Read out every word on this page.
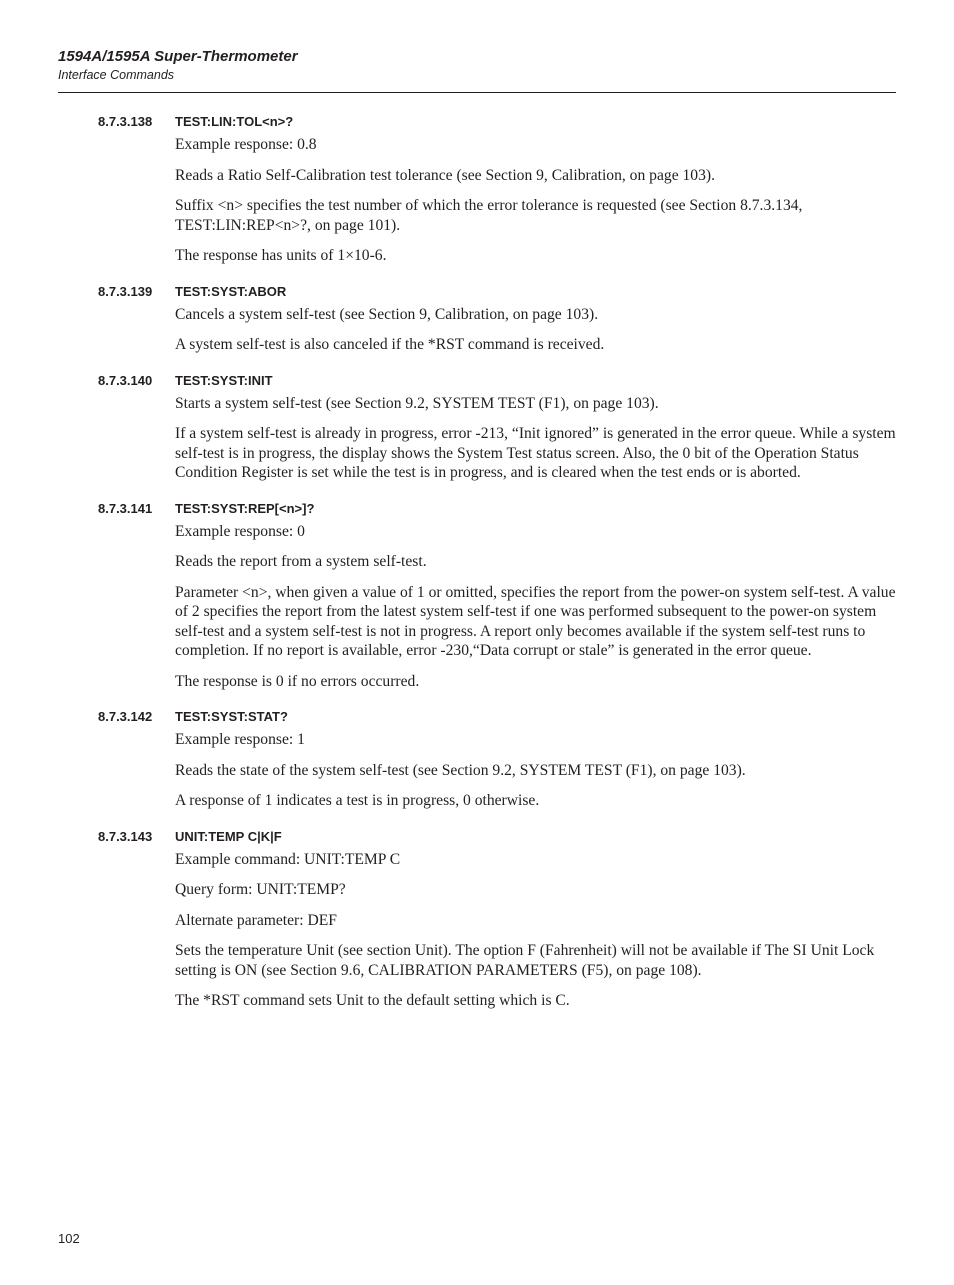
1594A/1595A Super-Thermometer
Interface Commands
8.7.3.138	TEST:LIN:TOL<n>?

Example response: 0.8

Reads a Ratio Self-Calibration test tolerance (see Section 9, Calibration, on page 103).

Suffix <n> specifies the test number of which the error tolerance is requested (see Section 8.7.3.134, TEST:LIN:REP<n>?, on page 101).

The response has units of 1×10-6.

8.7.3.139	TEST:SYST:ABOR

Cancels a system self-test (see Section 9, Calibration, on page 103).

A system self-test is also canceled if the *RST command is received.

8.7.3.140	TEST:SYST:INIT

Starts a system self-test (see Section 9.2, SYSTEM TEST (F1), on page 103).

If a system self-test is already in progress, error -213, “Init ignored” is generated in the error queue. While a system self-test is in progress, the display shows the System Test status screen. Also, the 0 bit of the Operation Status Condition Register is set while the test is in progress, and is cleared when the test ends or is aborted.

8.7.3.141	TEST:SYST:REP[<n>]?

Example response: 0

Reads the report from a system self-test.

Parameter <n>, when given a value of 1 or omitted, specifies the report from the power-on system self-test. A value of 2 specifies the report from the latest system self-test if one was performed subsequent to the power-on system self-test and a system self-test is not in progress. A report only becomes available if the system self-test runs to completion. If no report is available, error -230,“Data corrupt or stale” is generated in the error queue.

The response is 0 if no errors occurred.

8.7.3.142	TEST:SYST:STAT?

Example response: 1

Reads the state of the system self-test (see Section 9.2, SYSTEM TEST (F1), on page 103).

A response of 1 indicates a test is in progress, 0 otherwise.

8.7.3.143	UNIT:TEMP C|K|F

Example command: UNIT:TEMP C

Query form: UNIT:TEMP?

Alternate parameter: DEF

Sets the temperature Unit (see section Unit). The option F (Fahrenheit) will not be available if The SI Unit Lock setting is ON (see Section 9.6, CALIBRATION PARAMETERS (F5), on page 108).

The *RST command sets Unit to the default setting which is C.

102
